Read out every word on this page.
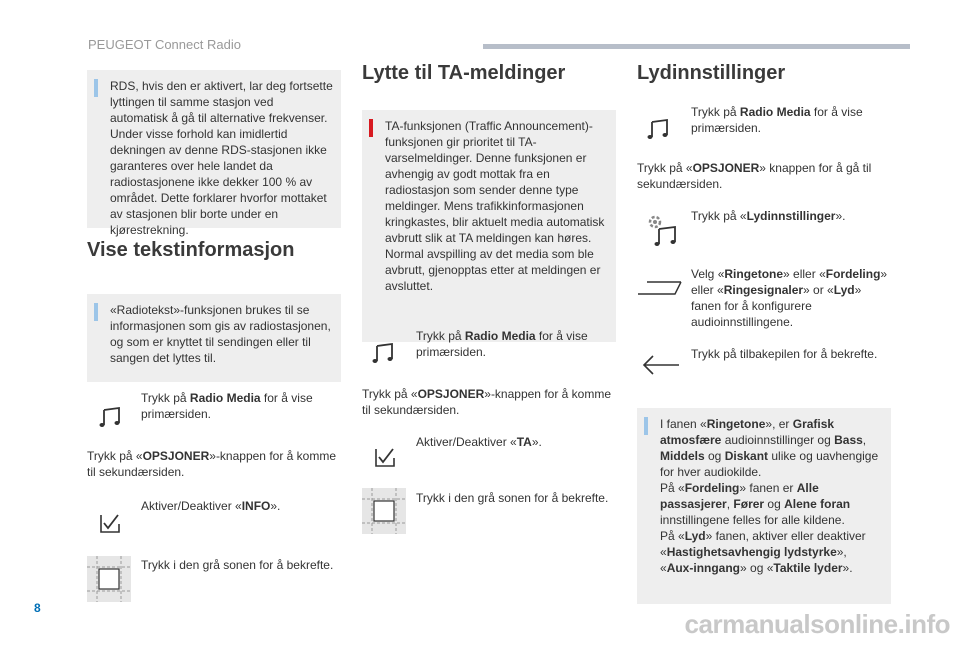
PEUGEOT Connect Radio
8
carmanualsonline.info

RDS, hvis den er aktivert, lar deg fortsette lyttingen til samme stasjon ved automatisk å gå til alternative frekvenser. Under visse forhold kan imidlertid dekningen av denne RDS-stasjonen ikke garanteres over hele landet da radiostasjonene ikke dekker 100 % av området. Dette forklarer hvorfor mottaket av stasjonen blir borte under en kjørestrekning.

Vise tekstinformasjon

«Radiotekst»-funksjonen brukes til se informasjonen som gis av radiostasjonen, og som er knyttet til sendingen eller til sangen det lyttes til.

Trykk på Radio Media for å vise primærsiden.
Trykk på «OPSJONER»-knappen for å komme til sekundærsiden.
Aktiver/Deaktiver «INFO».
Trykk i den grå sonen for å bekrefte.
Lytte til TA-meldinger

TA-funksjonen (Traffic Announcement)-funksjonen gir prioritet til TA-varselmeldinger. Denne funksjonen er avhengig av godt mottak fra en radiostasjon som sender denne type meldinger. Mens trafikkinformasjonen kringkastes, blir aktuelt media automatisk avbrutt slik at TA meldingen kan høres. Normal avspilling av det media som ble avbrutt, gjenopptas etter at meldingen er avsluttet.

Trykk på Radio Media for å vise primærsiden.
Trykk på «OPSJONER»-knappen for å komme til sekundærsiden.
Aktiver/Deaktiver «TA».
Trykk i den grå sonen for å bekrefte.
Lydinnstillinger
Trykk på Radio Media for å vise primærsiden.
Trykk på «OPSJONER» knappen for å gå til sekundærsiden.
Trykk på «Lydinnstillinger».
Velg «Ringetone» eller «Fordeling» eller «Ringesignaler» or «Lyd» fanen for å konfigurere audioinnstillingene.
Trykk på tilbakepilen for å bekrefte.

I fanen «Ringetone», er Grafisk atmosfære audioinnstillinger og Bass, Middels og Diskant ulike og uavhengige for hver audiokilde.
På «Fordeling» fanen er Alle passasjerer, Fører og Alene foran innstillingene felles for alle kildene.
På «Lyd» fanen, aktiver eller deaktiver «Hastighetsavhengig lydstyrke», «Aux-inngang» og «Taktile lyder».
